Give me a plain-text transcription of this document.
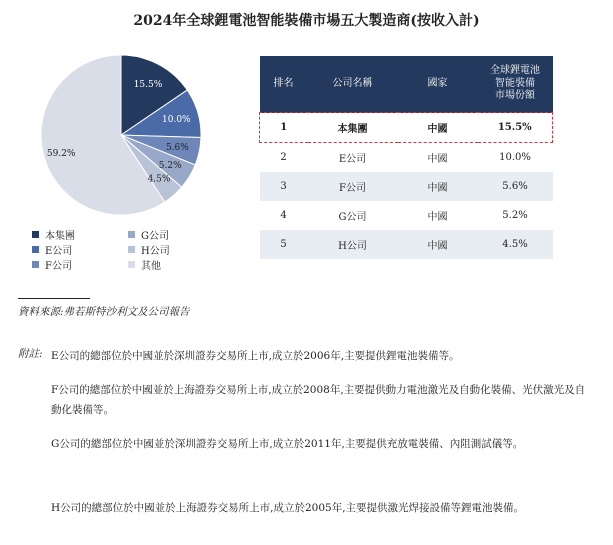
2024年全球鋰電池智能裝備市場五大製造商(按收入計)
15.5%
10.0%
5.6%
5.2%
4.5%
59.2%
本集團	G公司
E公司	H公司
F公司	其他
排名	公司名稱	國家	全球鋰電池
智能裝備
市場份額
1	本集團	中國	15.5%
2	E公司	中國	10.0%
3	F公司	中國	5.6%
4	G公司	中國	5.2%
5	H公司	中國	4.5%
資料來源:弗若斯特沙利文及公司報告
附註: E公司的總部位於中國並於深圳證券交易所上市,成立於2006年,主要提供鋰電池裝備等。
F公司的總部位於中國並於上海證券交易所上市,成立於2008年,主要提供動力電池激光及自動化裝備、光伏激光及自動化裝備等。
G公司的總部位於中國並於深圳證券交易所上市,成立於2011年,主要提供充放電裝備、內阻測試儀等。
H公司的總部位於中國並於上海證券交易所上市,成立於2005年,主要提供激光焊接設備等鋰電池裝備。
